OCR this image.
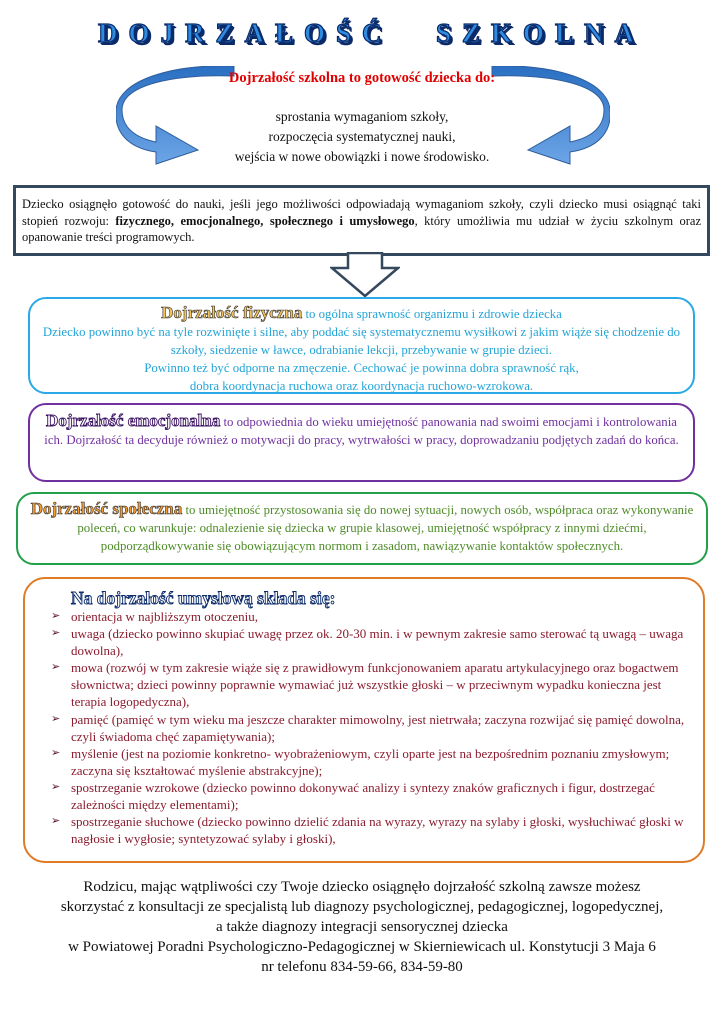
DOJRZAŁOŚĆ

SZKOLNA

Dojrzałość szkolna to gotowość dziecka do:
sprostania wymaganiom szkoły,
rozpoczęcia systematycznej nauki,
wejścia w nowe obowiązki i nowe środowisko.
Dziecko osiągnęło gotowość do nauki, jeśli jego możliwości odpowiadają wymaganiom szkoły, czyli dziecko musi osiągnąć taki stopień rozwoju: fizycznego, emocjonalnego, społecznego i umysłowego, który umożliwia mu udział w życiu szkolnym oraz opanowanie treści programowych.
Dojrzałość fizyczna to ogólna sprawność organizmu i zdrowie dziecka
Dziecko powinno być na tyle rozwinięte i silne, aby poddać się systematycznemu wysiłkowi z jakim wiąże się chodzenie do szkoły, siedzenie w ławce, odrabianie lekcji, przebywanie w grupie dzieci.
Powinno też być odporne na zmęczenie. Cechować je powinna dobra sprawność rąk,
dobra koordynacja ruchowa oraz koordynacja ruchowo-wzrokowa.
Dojrzałość emocjonalna to odpowiednia do wieku umiejętność panowania nad swoimi emocjami i kontrolowania ich. Dojrzałość ta decyduje również o motywacji do pracy, wytrwałości w pracy, doprowadzaniu podjętych zadań do końca.
Dojrzałość społeczna to umiejętność przystosowania się do nowej sytuacji, nowych osób, współpraca oraz wykonywanie poleceń, co warunkuje: odnalezienie się dziecka w grupie klasowej, umiejętność współpracy z innymi dziećmi, podporządkowywanie się obowiązującym normom i zasadom, nawiązywanie kontaktów społecznych.
Na dojrzałość umysłową składa się:
➢ orientacja w najbliższym otoczeniu,
➢ uwaga (dziecko powinno skupiać uwagę przez ok. 20-30 min. i w pewnym zakresie samo sterować tą uwagą – uwaga dowolna),
➢ mowa (rozwój w tym zakresie wiąże się z prawidłowym funkcjonowaniem aparatu artykulacyjnego oraz bogactwem słownictwa; dzieci powinny poprawnie wymawiać już wszystkie głoski – w przeciwnym wypadku konieczna jest terapia logopedyczna),
➢ pamięć (pamięć w tym wieku ma jeszcze charakter mimowolny, jest nietrwała; zaczyna rozwijać się pamięć dowolna, czyli świadoma chęć zapamiętywania);
➢ myślenie (jest na poziomie konkretno- wyobrażeniowym, czyli oparte jest na bezpośrednim poznaniu zmysłowym; zaczyna się kształtować myślenie abstrakcyjne);
➢ spostrzeganie wzrokowe (dziecko powinno dokonywać analizy i syntezy znaków graficznych i figur, dostrzegać zależności między elementami);
➢ spostrzeganie słuchowe (dziecko powinno dzielić zdania na wyrazy, wyrazy na sylaby i głoski, wysłuchiwać głoski w nagłosie i wygłosie; syntetyzować sylaby i głoski),
Rodzicu, mając wątpliwości czy Twoje dziecko osiągnęło dojrzałość szkolną zawsze możesz
skorzystać z konsultacji ze specjalistą lub diagnozy psychologicznej, pedagogicznej, logopedycznej,
a także diagnozy integracji sensorycznej dziecka
w Powiatowej Poradni Psychologiczno-Pedagogicznej w Skierniewicach ul. Konstytucji 3 Maja 6
nr telefonu 834-59-66, 834-59-80
